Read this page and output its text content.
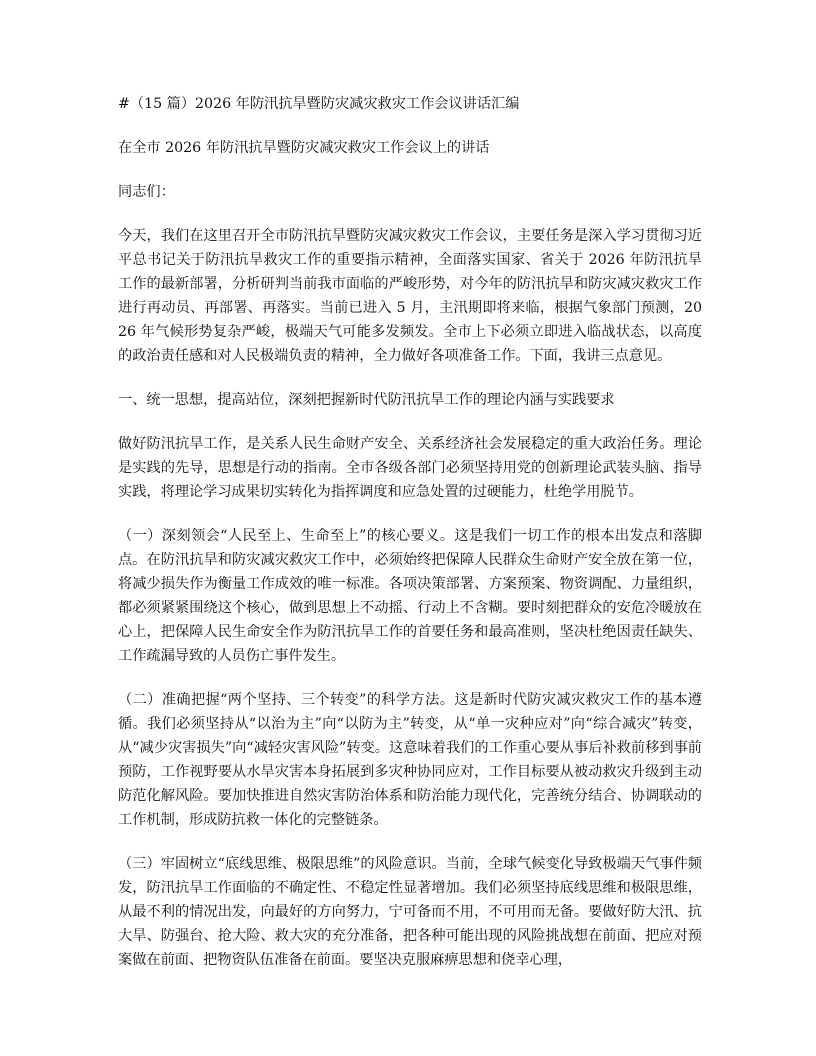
#（15 篇）2026 年防汛抗旱暨防灾减灾救灾工作会议讲话汇编

在全市 2026 年防汛抗旱暨防灾减灾救灾工作会议上的讲话

同志们：

今天，我们在这里召开全市防汛抗旱暨防灾减灾救灾工作会议，主要任务是深入学习贯彻习近平总书记关于防汛抗旱救灾工作的重要指示精神，全面落实国家、省关于 2026 年防汛抗旱工作的最新部署，分析研判当前我市面临的严峻形势，对今年的防汛抗旱和防灾减灾救灾工作进行再动员、再部署、再落实。当前已进入 5 月，主汛期即将来临，根据气象部门预测，2026 年气候形势复杂严峻，极端天气可能多发频发。全市上下必须立即进入临战状态，以高度的政治责任感和对人民极端负责的精神，全力做好各项准备工作。下面，我讲三点意见。

一、统一思想，提高站位，深刻把握新时代防汛抗旱工作的理论内涵与实践要求

做好防汛抗旱工作，是关系人民生命财产安全、关系经济社会发展稳定的重大政治任务。理论是实践的先导，思想是行动的指南。全市各级各部门必须坚持用党的创新理论武装头脑、指导实践，将理论学习成果切实转化为指挥调度和应急处置的过硬能力，杜绝学用脱节。

（一）深刻领会“人民至上、生命至上”的核心要义。这是我们一切工作的根本出发点和落脚点。在防汛抗旱和防灾减灾救灾工作中，必须始终把保障人民群众生命财产安全放在第一位，将减少损失作为衡量工作成效的唯一标准。各项决策部署、方案预案、物资调配、力量组织，都必须紧紧围绕这个核心，做到思想上不动摇、行动上不含糊。要时刻把群众的安危冷暖放在心上，把保障人民生命安全作为防汛抗旱工作的首要任务和最高准则，坚决杜绝因责任缺失、工作疏漏导致的人员伤亡事件发生。

（二）准确把握“两个坚持、三个转变”的科学方法。这是新时代防灾减灾救灾工作的基本遵循。我们必须坚持从“以治为主”向“以防为主”转变，从“单一灾种应对”向“综合减灾”转变，从“减少灾害损失”向“减轻灾害风险”转变。这意味着我们的工作重心要从事后补救前移到事前预防，工作视野要从水旱灾害本身拓展到多灾种协同应对，工作目标要从被动救灾升级到主动防范化解风险。要加快推进自然灾害防治体系和防治能力现代化，完善统分结合、协调联动的工作机制，形成防抗救一体化的完整链条。

（三）牢固树立“底线思维、极限思维”的风险意识。当前，全球气候变化导致极端天气事件频发，防汛抗旱工作面临的不确定性、不稳定性显著增加。我们必须坚持底线思维和极限思维，从最不利的情况出发，向最好的方向努力，宁可备而不用，不可用而无备。要做好防大汛、抗大旱、防强台、抢大险、救大灾的充分准备，把各种可能出现的风险挑战想在前面、把应对预案做在前面、把物资队伍准备在前面。要坚决克服麻痹思想和侥幸心理，
